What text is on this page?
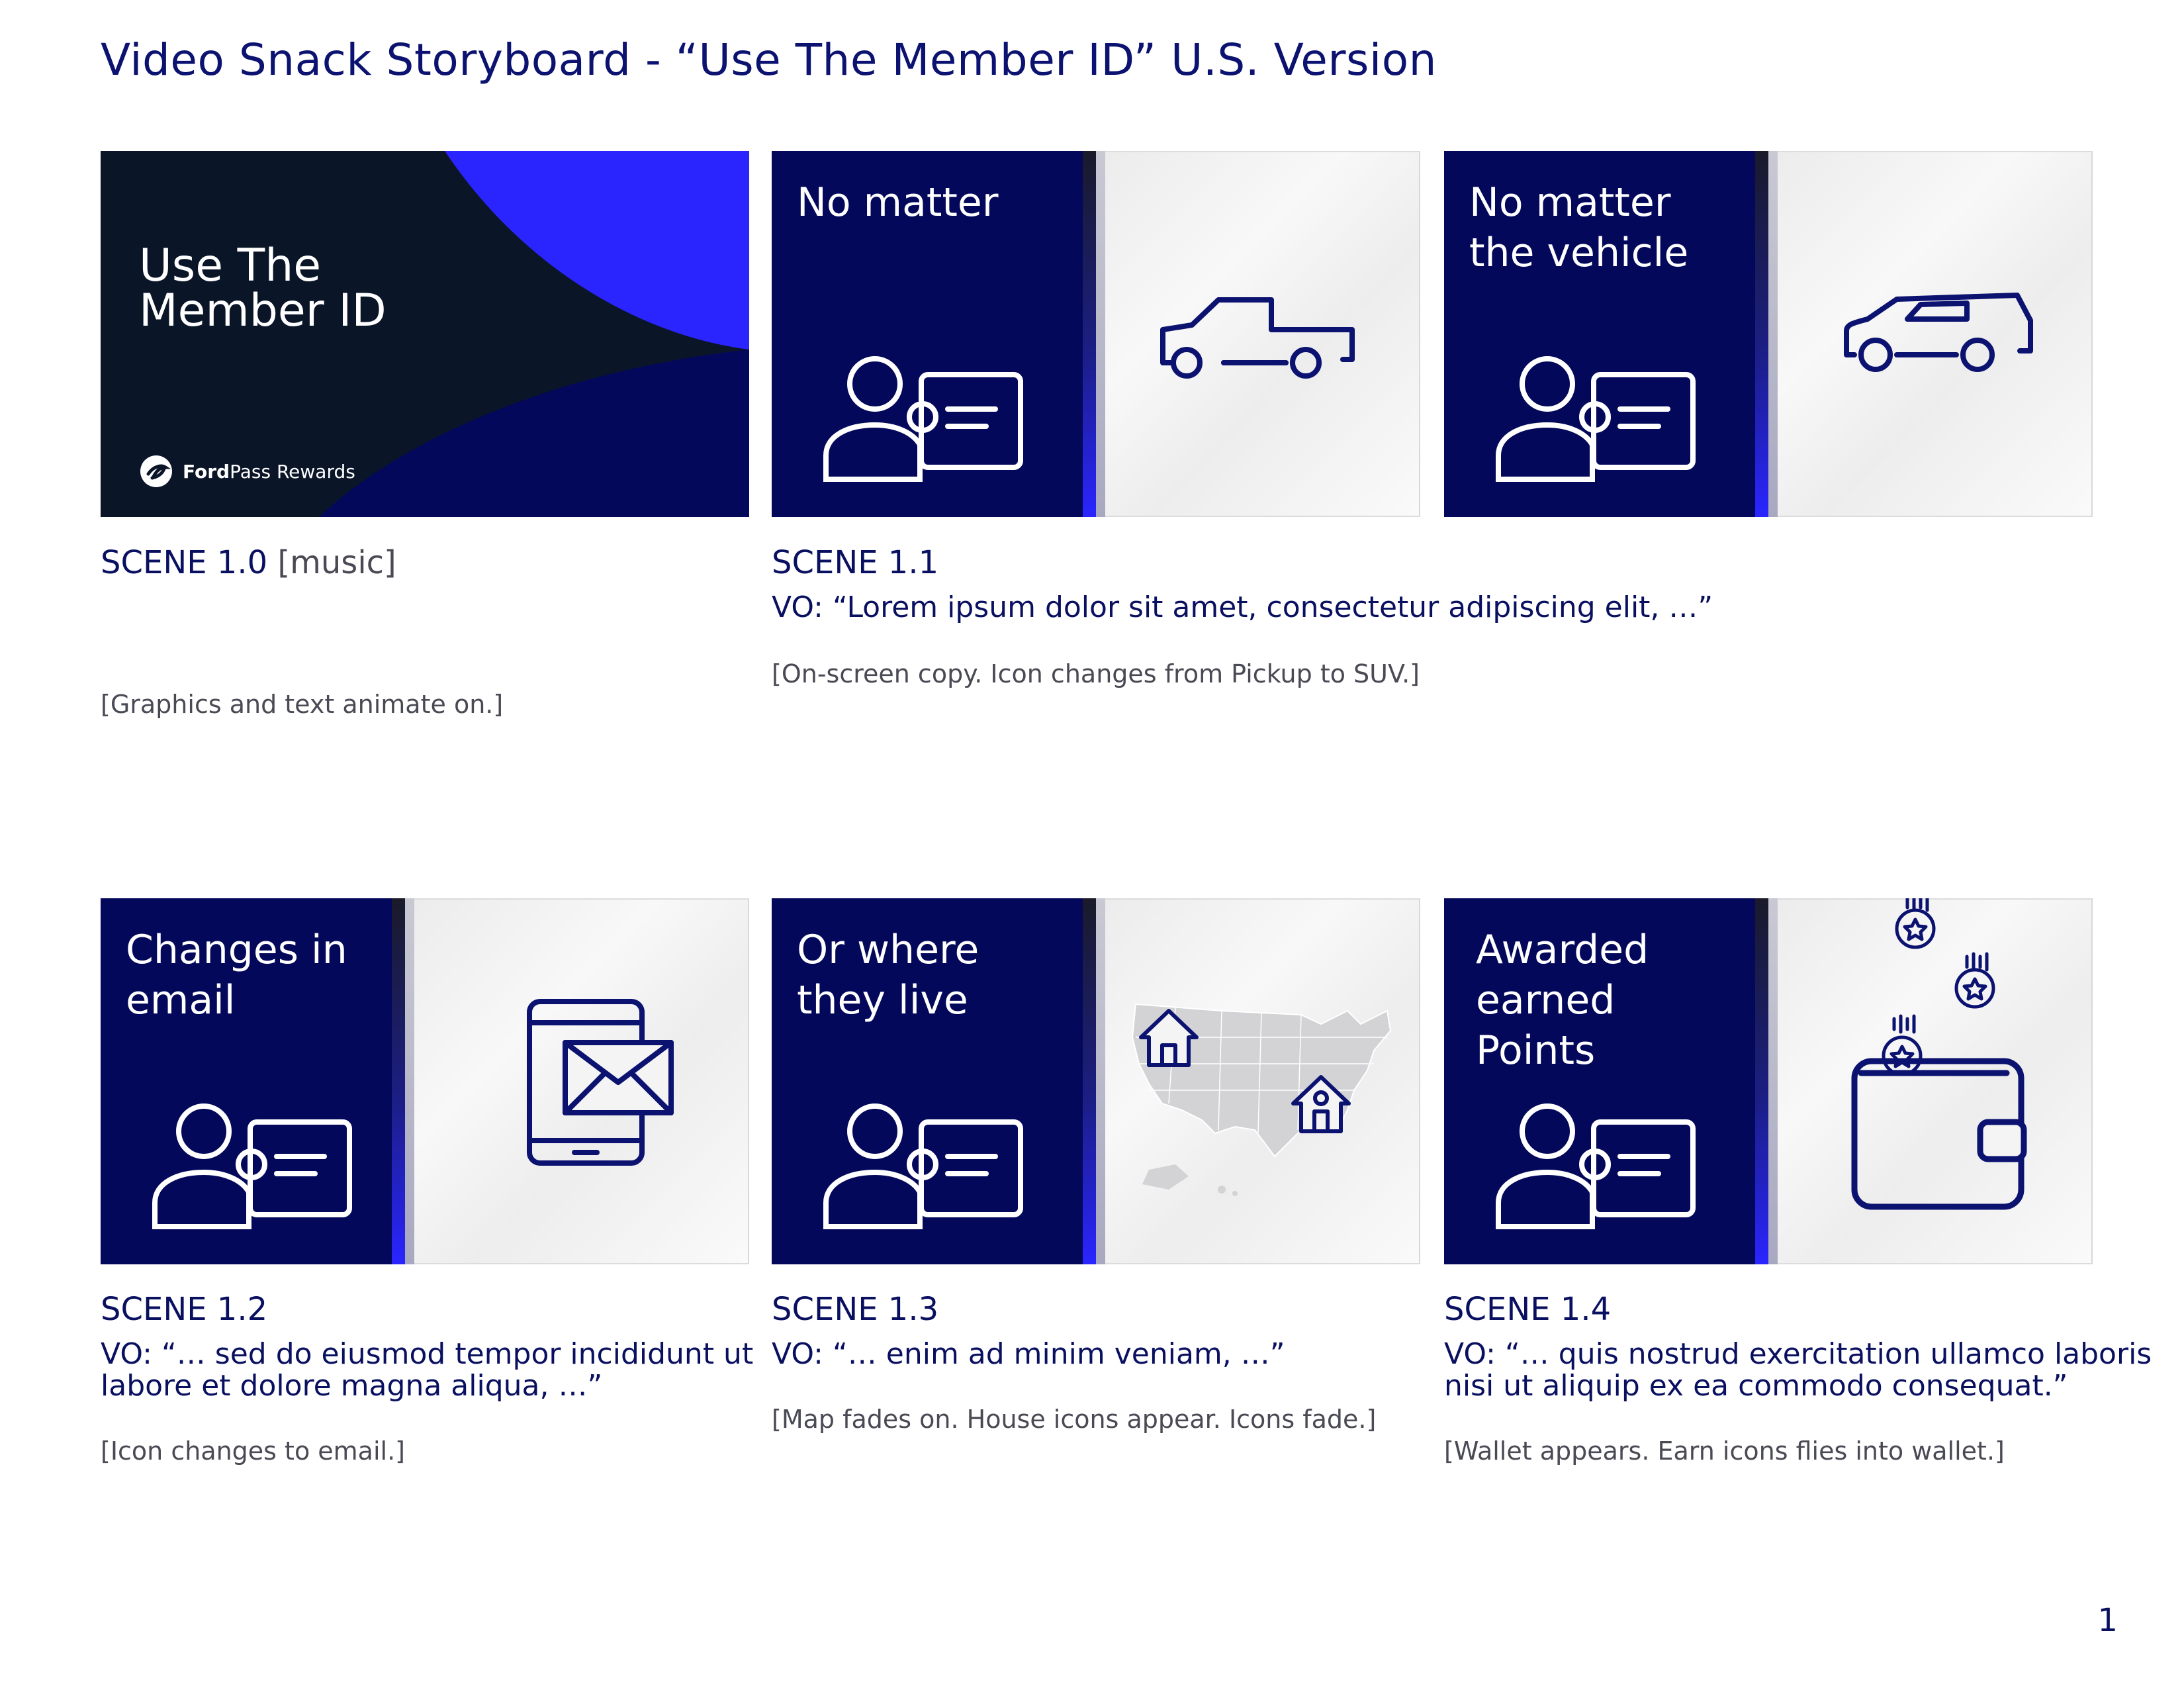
Video Snack Storyboard - “Use The Member ID” U.S. Version
Use The
Member ID
FordPass Rewards
No matter	No matter
the vehicle
Changes in
email
Or where
they live
Awarded
earned
Points
SCENE 1.0 [music]
[Graphics and text animate on.]
SCENE 1.1
VO: “Lorem ipsum dolor sit amet, consectetur adipiscing elit, …”
[On-screen copy. Icon changes from Pickup to SUV.]
SCENE 1.2
VO: “… sed do eiusmod tempor incididunt ut
labore et dolore magna aliqua, …”
[Icon changes to email.]
SCENE 1.3
VO: “… enim ad minim veniam, …”
[Map fades on. House icons appear. Icons fade.]
SCENE 1.4
VO: “… quis nostrud exercitation ullamco laboris
nisi ut aliquip ex ea commodo consequat.”
[Wallet appears. Earn icons flies into wallet.]
1
